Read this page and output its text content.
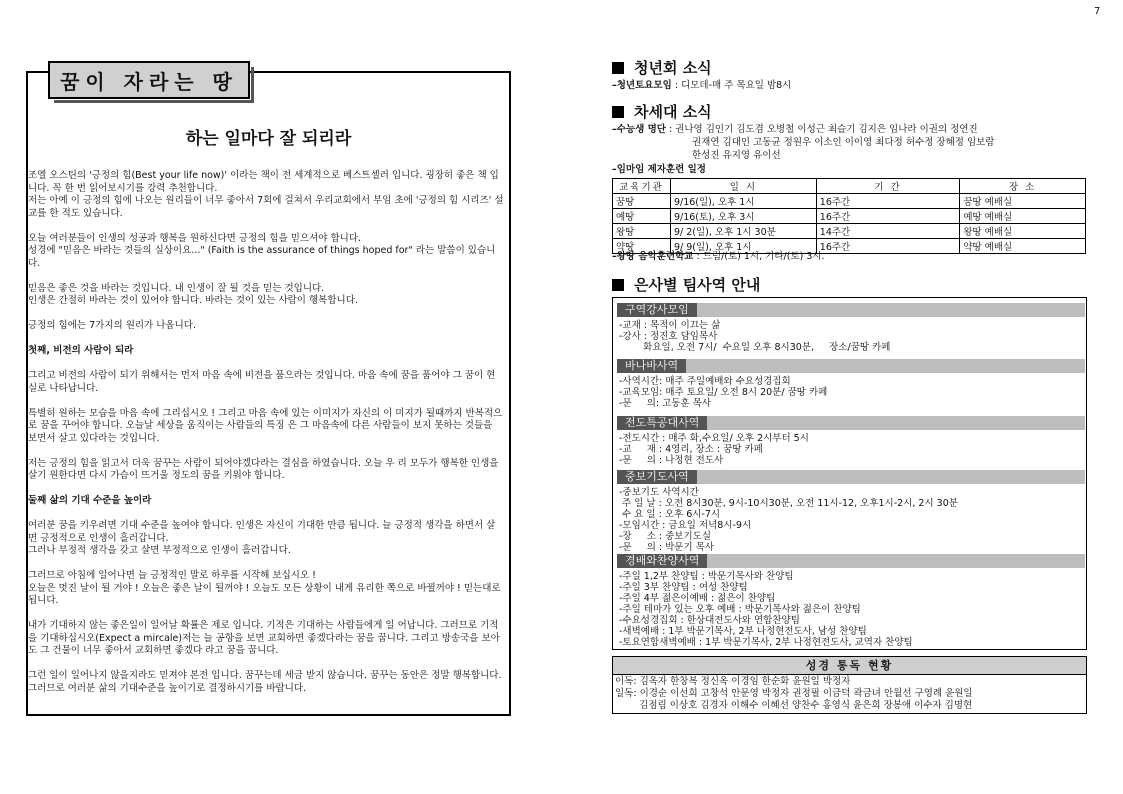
7
꿈이 자라는 땅
하는 일마다 잘 되리라

조엘 오스틴의 '긍정의 힘(Best your life now)' 이라는 책이 전 세계적으로 베스트셀러 입니다. 굉장히 좋은 책 입니다. 꼭 한 번 읽어보시기를 강력 추천합니다.
저는 아예 이 긍정의 힘에 나오는 원리들이 너무 좋아서 7회에 걸쳐서 우리교회에서 부임 초에 '긍정의 힘 시리즈' 설교를 한 적도 있습니다.

오늘 여러분들이 인생의 성공과 행복을 원하신다면 긍정의 힘을 믿으셔야 합니다.
성경에 "믿음은 바라는 것들의 실상이요..." (Faith is the assurance of things hoped for" 라는 말씀이 있습니다.

믿음은 좋은 것을 바라는 것입니다. 내 인생이 잘 될 것을 믿는 것입니다.
인생은 간절히 바라는 것이 있어야 합니다. 바라는 것이 있는 사람이 행복합니다.

긍정의 힘에는 7가지의 원리가 나옵니다.

첫째, 비전의 사람이 되라

그리고 비전의 사람이 되기 위해서는 먼저 마음 속에 비전을 품으라는 것입니다. 마음 속에 꿈을 품어야 그 꿈이 현실로 나타납니다.

특별히 원하는 모습을 마음 속에 그리십시오 ! 그리고 마음 속에 있는 이미지가 자신의 이 미지가 될때까지 반복적으로 꿈을 꾸어야 합니다. 오늘날 세상을 움직이는 사람들의 특징 은 그 마음속에 다른 사람들이 보지 못하는 것들을 보면서 살고 있다라는 것입니다.

저는 긍정의 힘을 읽고서 더욱 꿈꾸는 사람이 되어야겠다라는 결심을 하였습니다. 오늘 우 리 모두가 행복한 인생을 살기 원한다면 다시 가슴이 뜨거울 정도의 꿈을 키워야 합니다.

둘째 삶의 기대 수준을 높이라

여러분 꿈을 키우려면 기대 수준을 높여야 합니다. 인생은 자신이 기대한 만큼 됩니다. 늘 긍정적 생각을 하면서 살면 긍정적으로 인생이 흘러갑니다.
그러나 부정적 생각을 갖고 살면 부정적으로 인생이 흘러갑니다.

그러므로 아침에 일어나면 늘 긍정적인 말로 하루를 시작해 보십시오 !
오늘은 멋진 날이 될 거야 ! 오늘은 좋은 날이 될꺼야 ! 오늘도 모든 상황이 내게 유리한 쪽으로 바뀔꺼야 ! 믿는대로 됩니다.

내가 기대하지 않는 좋은일이 일어날 확률은 제로 입니다. 기적은 기대하는 사람들에게 일 어납니다. 그러므로 기적을 기대하십시오(Expect a mircale)저는 늘 공항을 보면 교회하면 좋겠다라는 꿈을 꿉니다. 그리고 방송국을 보아도 그 건물이 너무 좋아서 교회하면 좋겠다 라고 꿈을 꿉니다.

그런 일이 일어나지 않을지라도 믿져야 본전 입니다. 꿈꾸는데 세금 받지 않습니다. 꿈꾸는 동안은 정말 행복합니다. 그러므로 여러분 삶의 기대수준을 높이기로 결정하시기를 바랍니다.

청년회 소식
–청년토요모임 : 디모데-매 주 목요일 밤8시
차세대 소식
–수능생 명단 : 권나영 김인기 김도겸 오병철 이성근 최슬기 김지은 임나라 이권의 정연진
권재연 김대인 고동균 정원우 이소인 이이영 최다정 허수정 장혜정 임보람
한성진 유지영 유이선
–임마임 제자훈련 일정
교육기관	일 시	기 간	장 소
꿈땅	9/16(일), 오후 1시	16주간	꿈땅 예배실
예땅	9/16(토), 오후 3시	16주간	예땅 예배실
왕땅	9/ 2(일), 오후 1시 30분	14주간	왕땅 예배실
약땅	9/ 9(일), 오후 1시	16주간	약땅 예배실
–왕땅 음악훈련학교 : 드럼/(토) 1시, 기타/(토) 3시.
은사별 팀사역 안내
구역강사모임
-교재 : 목적이 이끄는 삶
-강사 : 정진호 담임목사
화요일, 오전 7시/  수요일 오후 8시30분,     장소/꿈땅 카페
바나바사역
-사역시간: 매주 주일예배와 수요성경집회
-교육모임: 매주 토요일/ 오전 8시 20분/ 꿈땅 카페
-문     의: 고동훈 목사
전도특공대사역
-전도시간 : 매주 화,수요일/ 오후 2시부터 5시
-교     재 : 4영리, 장소 : 꿈땅 카페
-문     의 : 나정현 전도사
중보기도사역
-중보기도 사역시간
주 일 날 : 오전 8시30분, 9시-10시30분, 오전 11시-12, 오후1시-2시, 2시 30분
수 요 일 : 오후 6시-7시
-모임시간 : 금요일 저녁8시-9시
-장     소 : 중보기도실
-문     의 : 박문기 목사
경배와찬양사역
-주일 1,2부 찬양팀 : 박문기목사와 찬양팀
-주일 3부 찬양팀 : 여성 찬양팀
-주일 4부 젊은이예배 : 젊은이 찬양팀
-주일 테마가 있는 오후 예배 : 박문기목사와 젊은이 찬양팀
-수요성경집회 : 한상대전도사와 연합찬양팀
-새벽예배 : 1부 박문기목사, 2부 나정현전도사, 남성 찬양팀
-토요연합새벽예배 : 1부 박문기목사, 2부 나정현전도사, 교역자 찬양팀
성경 통독 현황
이독: 김옥자 한창복 정신옥 이경임 한순화 윤원일 박정자
일독: 이경순 이선희 고창석 안문영 박정자 권정필 이금덕 곽금녀 안월선 구영례 윤원일
김점림 이상호 김경자 이해수 이혜선 양찬수 홍영식 윤은희 장봉애 이수자 김명현
